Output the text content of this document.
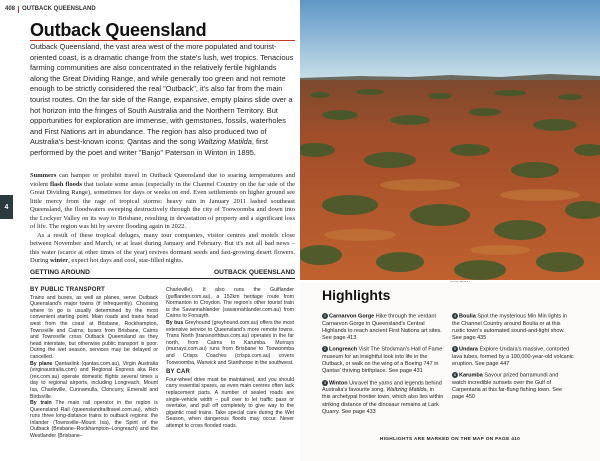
408 OUTBACK QUEENSLAND
4
Outback Queensland

Outback Queensland, the vast area west of the more populated and tourist-oriented coast, is a dramatic change from the state's lush, wet tropics. Tenacious farming communities are also concentrated in the relatively fertile highlands along the Great Dividing Range, and while generally too green and not remote enough to be strictly considered the real "Outback", it's also far from the main tourist routes. On the far side of the Range, expansive, empty plains slide over a hot horizon into the fringes of South Australia and the Northern Territory. But opportunities for exploration are immense, with gemstones, fossils, waterholes and First Nations art in abundance. The region has also produced two of Australia's best-known icons: Qantas and the song Waltzing Matilda, first performed by the poet and writer "Banjo" Paterson in Winton in 1895.

Summers can hamper or prohibit travel in Outback Queensland due to soaring temperatures and violent flash floods that isolate some areas (especially in the Channel Country on the far side of the Great Dividing Range), sometimes for days or weeks on end. Even settlements on higher ground see little mercy from the rage of tropical storms: heavy rain in January 2011 lashed southeast Queensland, the floodwaters sweeping destructively through the city of Toowoomba and down into the Lockyer Valley on its way to Brisbane, resulting in devastation of property and a significant loss of life. The region was hit by severe flooding again in 2022.

As a result of these tropical deluges, many tour companies, visitor centres and motels close between November and March, or at least during January and February. But it's not all bad news – this water (scarce at other times of the year) revives dormant seeds and fast-growing desert flowers. During winter, expect hot days and cool, star-filled nights.

GETTING AROUND	OUTBACK QUEENSLAND
BY PUBLIC TRANSPORT

Trains and buses, as well as planes, serve Outback Queensland's major towns (if infrequently). Choosing where to go is usually determined by the most convenient starting point. Main roads and trains head west from the coast at Brisbane, Rockhampton, Townsville and Cairns; buses from Brisbane, Cairns and Townsville cross Outback Queensland as they head interstate, but otherwise public transport is poor. During the wet season, services may be delayed or cancelled.

By plane Qantaslink (qantas.com.au), Virgin Australia (virginaustralia.com) and Regional Express aka Rex (rex.com.au) operate domestic flights several times a day to regional airports, including Longreach, Mount Isa, Charleville, Cunnamulla, Cloncurry, Emerald and Birdsville.

By train The main rail operator in the region is Queensland Rail (queenslandrailtravel.com.au), which runs three long-distance trains to outback regions: the Inlander (Townsville–Mount Isa), the Spirit of the Outback (Brisbane–Rockhampton–Longreach) and the Westlander (Brisbane–

Charleville). It also runs the Gulflander (gulflander.com.au), a 152km heritage route from Normanton to Croydon. The region's other tourist train is the Savannahlander (savannahlander.com.au) from Cairns to Forsayth.

By bus Greyhound (greyhound.com.au) offers the most extensive service to Queensland's more remote towns. Trans North (transnorthbus.com.au) operates in the far north, from Cairns to Karumba. Murrays (murrays.com.au) runs from Brisbane to Toowoomba and Crisps Coaches (crisps.com.au) covers Toowoomba, Warwick and Stanthorpe in the southwest.

BY CAR

Four-wheel drive must be maintained, and you should carry essential spares, as even main centres often lack replacement parts. A number of sealed roads are single-vehicle width – pull over to let traffic pass or overtake, and pull off completely to give way to the gigantic road trains. Take special care during the Wet Season, when dangerous floods may occur. Never attempt to cross flooded roads.

Highlights

1 Carnarvon Gorge Hike through the verdant Carnarvon Gorge in Queensland's Central Highlands to reach ancient First Nations art sites. See page 413

2 Longreach Visit The Stockman's Hall of Fame museum for an insightful look into life in the Outback, or walk on the wing of a Boeing 747 in Qantas' thriving birthplace. See page 431

3 Winton Unravel the yarns and legends behind Australia's favourite song, Waltzing Matilda, in this archetypal frontier town, which also lies within striking distance of the dinosaur remains at Lark Quarry. See page 433

4 Boulia Spot the mysterious Min Min lights in the Channel Country around Boulia or at this rustic town's automated sound-and-light show. See page 435

5 Undara Explore Undara's massive, contorted lava tubes, formed by a 190,000-year-old volcanic eruption. See page 447

6 Karumba Savour prized barramundi and watch incredible sunsets over the Gulf of Carpentaria at this far-flung fishing town. See page 450

HIGHLIGHTS ARE MARKED ON THE MAP ON PAGE 410
